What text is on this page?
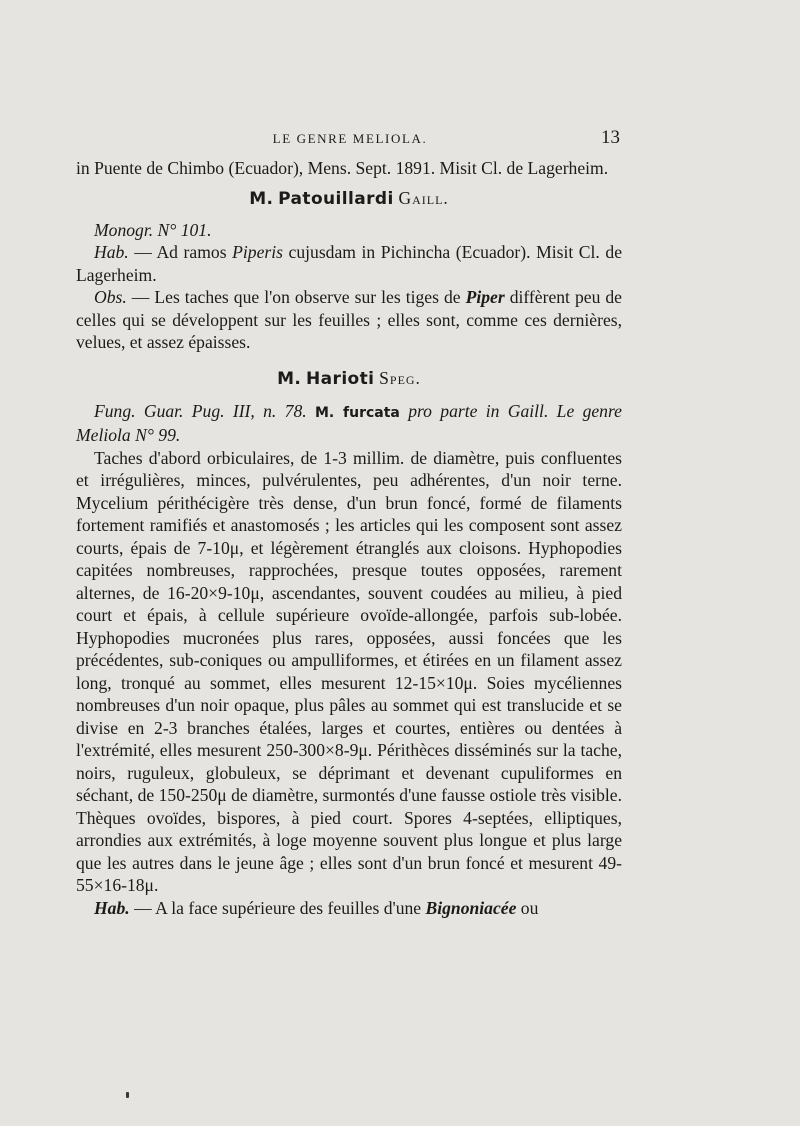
LE GENRE MELIOLA.	13

in Puente de Chimbo (Ecuador), Mens. Sept. 1891. Misit Cl. de Lagerheim.

M. Patouillardi Gaill.

Monogr. N° 101.

Hab. — Ad ramos Piperis cujusdam in Pichincha (Ecuador). Misit Cl. de Lagerheim.

Obs. — Les taches que l'on observe sur les tiges de Piper diffèrent peu de celles qui se développent sur les feuilles ; elles sont, comme ces dernières, velues, et assez épaisses.

M. Harioti Speg.

Fung. Guar. Pug. III, n. 78. M. furcata pro parte in Gaill. Le genre Meliola N° 99.

Taches d'abord orbiculaires, de 1-3 millim. de diamètre, puis confluentes et irrégulières, minces, pulvérulentes, peu adhérentes, d'un noir terne. Mycelium périthécigère très dense, d'un brun foncé, formé de filaments fortement ramifiés et anastomosés ; les articles qui les composent sont assez courts, épais de 7-10μ, et légèrement étranglés aux cloisons. Hyphopodies capitées nombreuses, rapprochées, presque toutes opposées, rarement alternes, de 16-20×9-10μ, ascendantes, souvent coudées au milieu, à pied court et épais, à cellule supérieure ovoïde-allongée, parfois sub-lobée. Hyphopodies mucronées plus rares, opposées, aussi foncées que les précédentes, sub-coniques ou ampulliformes, et étirées en un filament assez long, tronqué au sommet, elles mesurent 12-15×10μ. Soies mycéliennes nombreuses d'un noir opaque, plus pâles au sommet qui est translucide et se divise en 2-3 branches étalées, larges et courtes, entières ou dentées à l'extrémité, elles mesurent 250-300×8-9μ. Périthèces disséminés sur la tache, noirs, ruguleux, globuleux, se déprimant et devenant cupuliformes en séchant, de 150-250μ de diamètre, surmontés d'une fausse ostiole très visible. Thèques ovoïdes, bispores, à pied court. Spores 4-septées, elliptiques, arrondies aux extrémités, à loge moyenne souvent plus longue et plus large que les autres dans le jeune âge ; elles sont d'un brun foncé et mesurent 49-55×16-18μ.

Hab. — A la face supérieure des feuilles d'une Bignoniacée ou
